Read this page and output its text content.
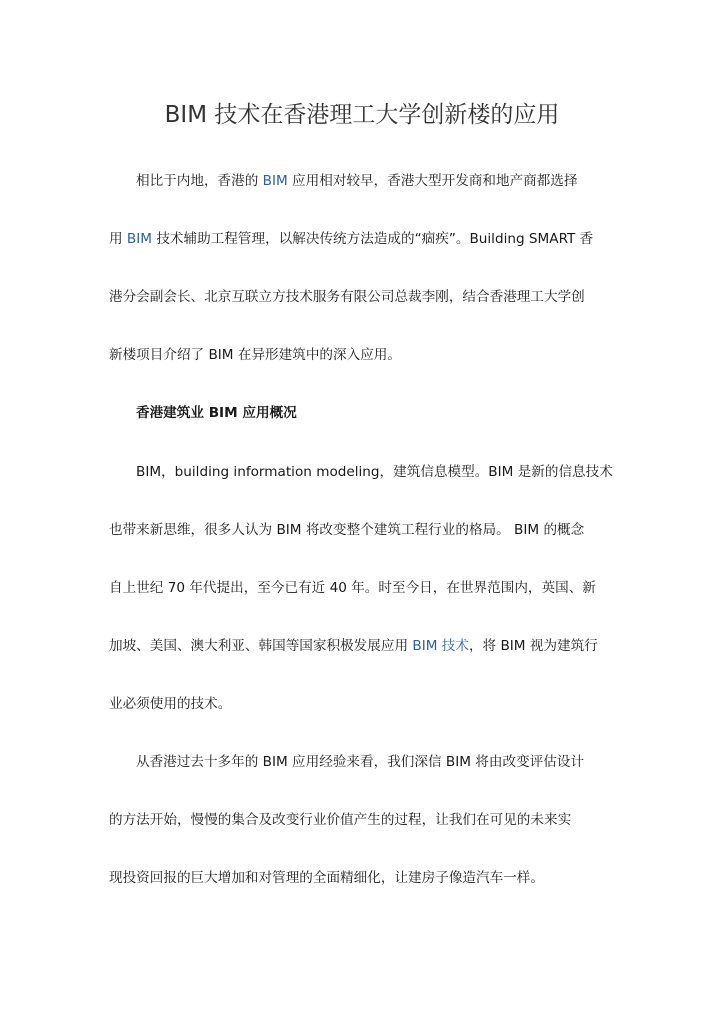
BIM 技术在香港理工大学创新楼的应用

相比于内地，香港的 BIM 应用相对较早，香港大型开发商和地产商都选择

用 BIM 技术辅助工程管理，以解决传统方法造成的“痼疾”。Building SMART 香

港分会副会长、北京互联立方技术服务有限公司总裁李刚，结合香港理工大学创

新楼项目介绍了 BIM 在异形建筑中的深入应用。

香港建筑业 BIM 应用概况

BIM，building information modeling，建筑信息模型。BIM 是新的信息技术

也带来新思维，很多人认为 BIM 将改变整个建筑工程行业的格局。 BIM 的概念

自上世纪 70 年代提出，至今已有近 40 年。时至今日，在世界范围内，英国、新

加坡、美国、澳大利亚、韩国等国家积极发展应用 BIM 技术，将 BIM 视为建筑行

业必须使用的技术。

从香港过去十多年的 BIM 应用经验来看，我们深信 BIM 将由改变评估设计

的方法开始，慢慢的集合及改变行业价值产生的过程，让我们在可见的未来实

现投资回报的巨大增加和对管理的全面精细化，让建房子像造汽车一样。
